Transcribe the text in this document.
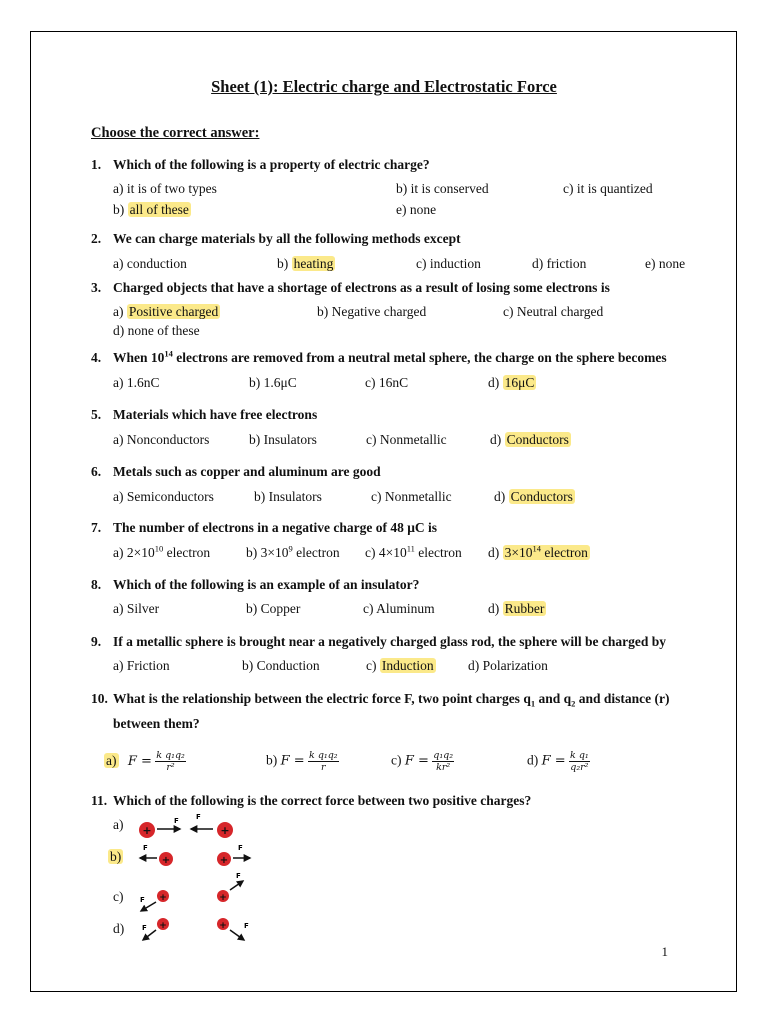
Sheet (1): Electric charge and Electrostatic Force
Choose the correct answer:
1. Which of the following is a property of electric charge?
a) it is of two types	b) it is conserved	c) it is quantized
b) all of these	e) none
2. We can charge materials by all the following methods except
a) conduction	b) heating	c) induction	d) friction	e) none
3. Charged objects that have a shortage of electrons as a result of losing some electrons is
a) Positive charged	b) Negative charged	c) Neutral charged
d) none of these
4. When $10^{14}$ electrons are removed from a neutral metal sphere, the charge on the sphere becomes
a) 1.6nC	b) 1.6μC	c) 16nC	d) 16μC
5. Materials which have free electrons
a) Nonconductors	b) Insulators	c) Nonmetallic	d) Conductors
6. Metals such as copper and aluminum are good
a) Semiconductors	b) Insulators	c) Nonmetallic	d) Conductors
7. The number of electrons in a negative charge of 48 μC is
a) $2\times 10^{10}$ electron	b) $3\times 10^9$ electron c) $4\times 10^{11}$ electron d) $3\times 10^{14}$ electron
8. Which of the following is an example of an insulator?
a) Silver	b) Copper	c) Aluminum	d) Rubber
9. If a metallic sphere is brought near a negatively charged glass rod, the sphere will be charged by
a) Friction	b) Conduction	c) Induction	d) Polarization
10. What is the relationship between the electric force F, two point charges $q_1$ and $q_2$ and distance (r)
between them?
a) $F = \frac{\text{k q₁q₂}}{\text{r²}}$	b) $F = \frac{\text{k q₁q₂}}{r}$	c) $F = \frac{\text{q₁q₂}}{\text{kr²}}$	d) $F = \frac{\text{k q₁}}{\text{q₂r²}}$
11. Which of the following is the correct force between two positive charges?
a)
b)
c)
d)
+
F F
+
F
+	+
F
+
F	+
F
+
F	+ F
1
